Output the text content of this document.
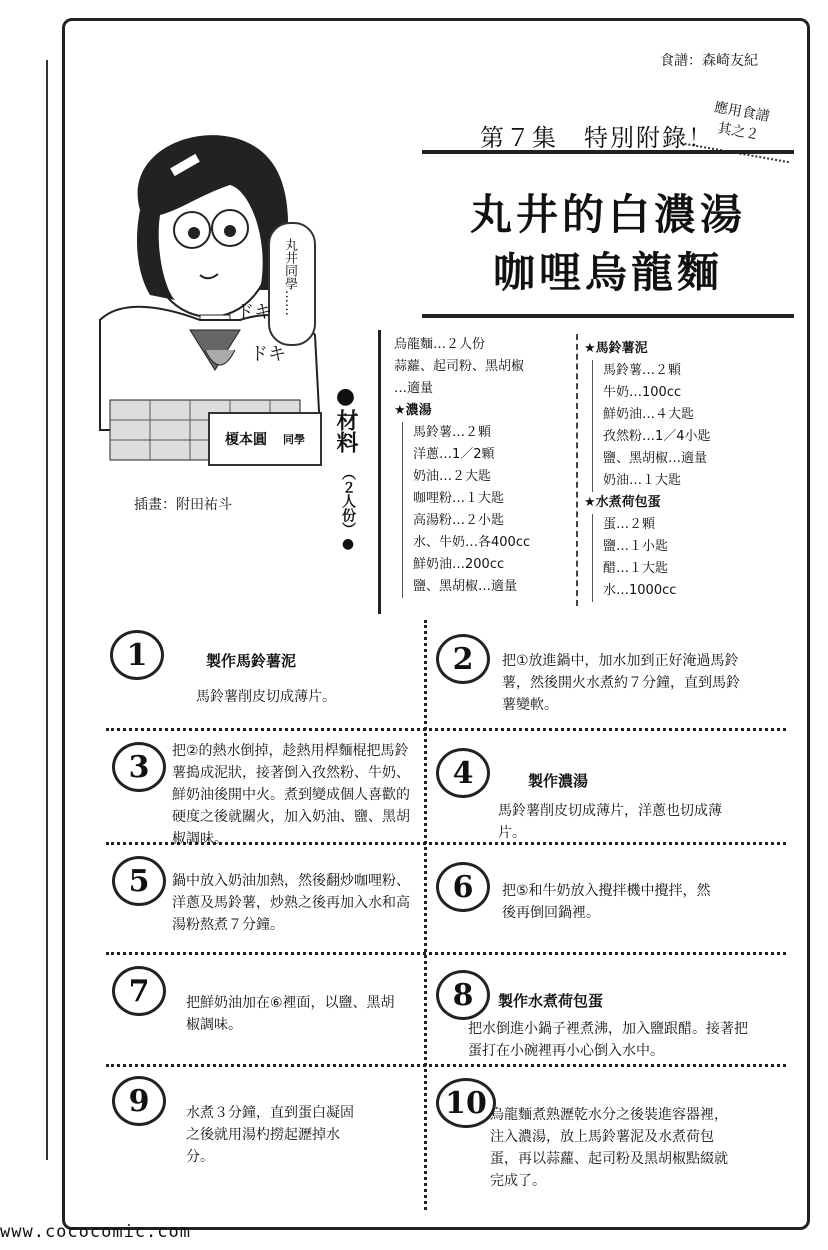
食譜：森崎友紀
應用食譜
其之２
第７集　特別附錄！
丸井的白濃湯
咖哩烏龍麵
丸井同學……
ドキ
ドキ
榎本圓 同學
插畫：附田祐斗
●材料
（２人份）●
烏龍麵…２人份
蒜蘿、起司粉、黑胡椒
…適量
★濃湯
馬鈴薯…２顆
洋蔥…1／2顆
奶油…２大匙
咖哩粉…１大匙
高湯粉…２小匙
水、牛奶…各400cc
鮮奶油…200cc
鹽、黑胡椒…適量
★馬鈴薯泥
馬鈴薯…２顆
牛奶…100cc
鮮奶油…４大匙
孜然粉…1／4小匙
鹽、黑胡椒…適量
奶油…１大匙
★水煮荷包蛋
蛋…２顆
鹽…１小匙
醋…１大匙
水…1000cc
1	製作馬鈴薯泥
馬鈴薯削皮切成薄片。
2	把①放進鍋中，加水加到正好淹過馬鈴薯，然後開火水煮約７分鐘，直到馬鈴薯變軟。
3	把②的熱水倒掉，趁熱用桿麵棍把馬鈴薯搗成泥狀，接著倒入孜然粉、牛奶、鮮奶油後開中火。煮到變成個人喜歡的硬度之後就關火，加入奶油、鹽、黑胡椒調味。
4	製作濃湯
馬鈴薯削皮切成薄片，洋蔥也切成薄片。
5	鍋中放入奶油加熱，然後翻炒咖哩粉、洋蔥及馬鈴薯，炒熟之後再加入水和高湯粉熬煮７分鐘。
6	把⑤和牛奶放入攪拌機中攪拌，然後再倒回鍋裡。
7	把鮮奶油加在⑥裡面，以鹽、黑胡椒調味。
8	製作水煮荷包蛋
把水倒進小鍋子裡煮沸，加入鹽跟醋。接著把蛋打在小碗裡再小心倒入水中。
9	水煮３分鐘，直到蛋白凝固之後就用湯杓撈起瀝掉水分。
10 烏龍麵煮熟瀝乾水分之後裝進容器裡，注入濃湯，放上馬鈴薯泥及水煮荷包蛋，再以蒜蘿、起司粉及黑胡椒點綴就完成了。
www.cococomic.com
